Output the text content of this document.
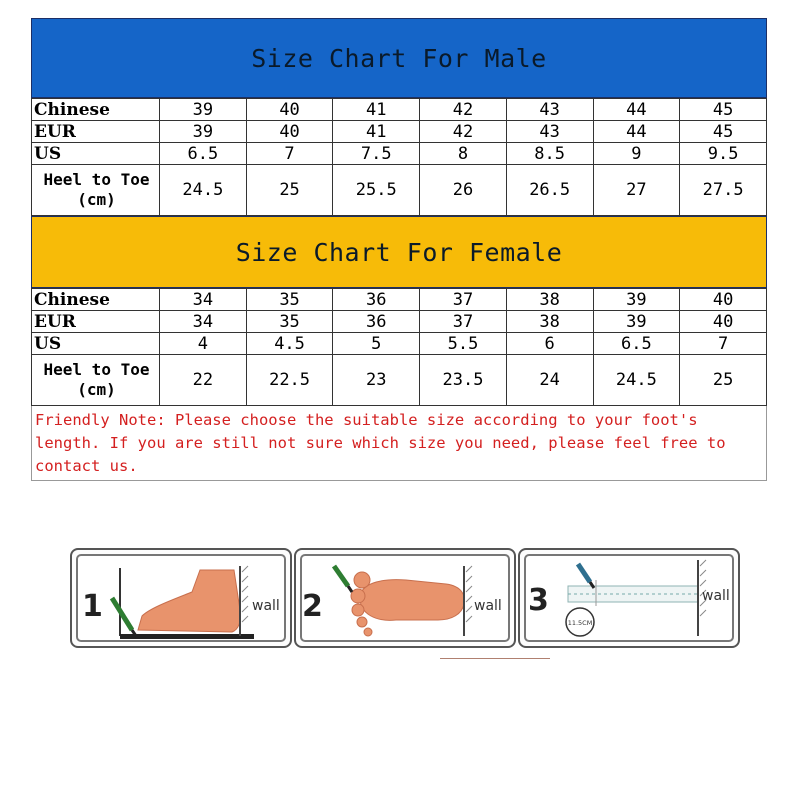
Size Chart For Male
Chinese	39	40	41	42	43	44	45
EUR	39	40	41	42	43	44	45
US	6.5	7	7.5	8	8.5	9	9.5

Heel to Toe
(cm)	24.5	25	25.5	26	26.5	27	27.5
Size Chart For Female
Chinese	34	35	36	37	38	39	40
EUR	34	35	36	37	38	39	40
US	4	4.5	5	5.5	6	6.5	7

Heel to Toe
(cm)	22	22.5	23	23.5	24	24.5	25
Friendly Note: Please choose the suitable size according to your foot's
length. If you are still not sure which size you need, please feel free to
contact us.
1	wall 2	wall 3	wall
11.5CM
